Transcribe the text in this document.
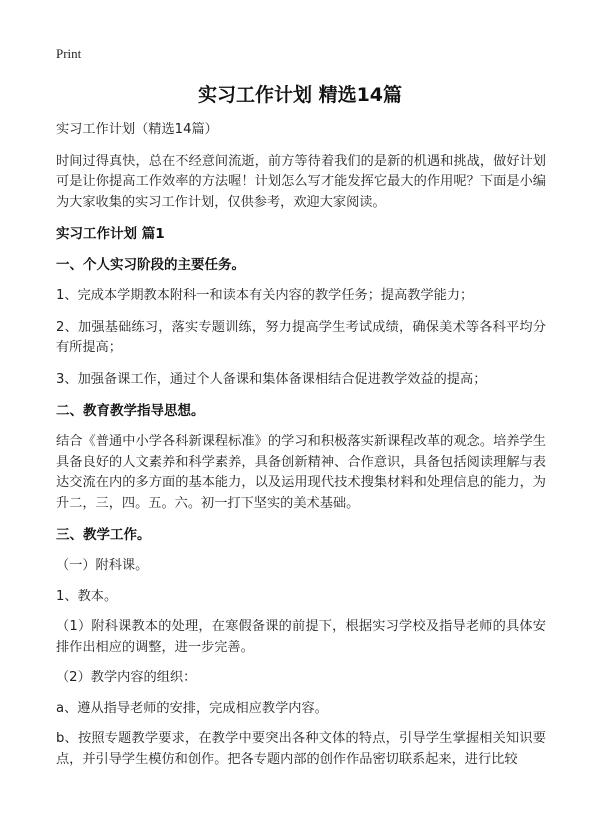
Print
实习工作计划 精选14篇

实习工作计划（精选14篇）

时间过得真快，总在不经意间流逝，前方等待着我们的是新的机遇和挑战，做好计划可是让你提高工作效率的方法喔！计划怎么写才能发挥它最大的作用呢？下面是小编为大家收集的实习工作计划，仅供参考，欢迎大家阅读。

实习工作计划 篇1

一、个人实习阶段的主要任务。

1、完成本学期教本附科一和读本有关内容的教学任务；提高教学能力；

2、加强基础练习，落实专题训练，努力提高学生考试成绩，确保美术等各科平均分有所提高；

3、加强备课工作，通过个人备课和集体备课相结合促进教学效益的提高；

二、教育教学指导思想。

结合《普通中小学各科新课程标准》的学习和积极落实新课程改革的观念。培养学生具备良好的人文素养和科学素养，具备创新精神、合作意识，具备包括阅读理解与表达交流在内的多方面的基本能力，以及运用现代技术搜集材料和处理信息的能力，为升二，三，四。五。六。初一打下坚实的美术基础。

三、教学工作。

（一）附科课。

1、教本。

（1）附科课教本的处理，在寒假备课的前提下，根据实习学校及指导老师的具体安排作出相应的调整，进一步完善。

（2）教学内容的组织：

a、遵从指导老师的安排，完成相应教学内容。

b、按照专题教学要求，在教学中要突出各种文体的特点，引导学生掌握相关知识要点，并引导学生模仿和创作。把各专题内部的创作作品密切联系起来，进行比较
